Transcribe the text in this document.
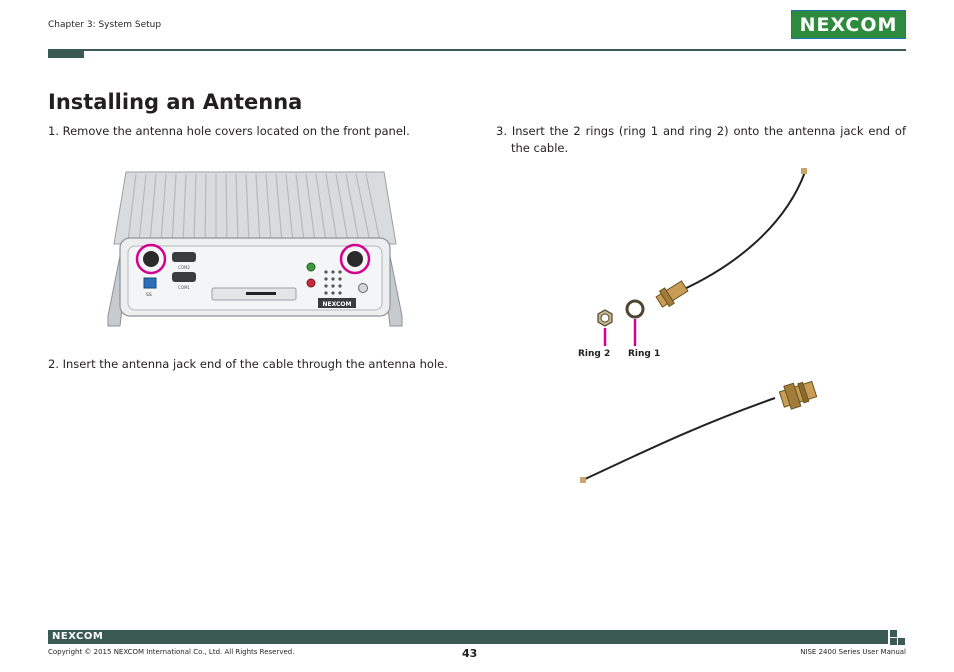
Chapter 3: System Setup	NEXCOM
Installing an Antenna
1. Remove the antenna hole covers located on the front panel.
2. Insert the antenna jack end of the cable through the antenna hole.
3. Insert the 2 rings (ring 1 and ring 2) onto the antenna jack end of the cable.
COM2
COM1
SS
NEXCOM
Ring 2 Ring 1
NEXCOM
Copyright © 2015 NEXCOM International Co., Ltd. All Rights Reserved.	43	NISE 2400 Series User Manual
